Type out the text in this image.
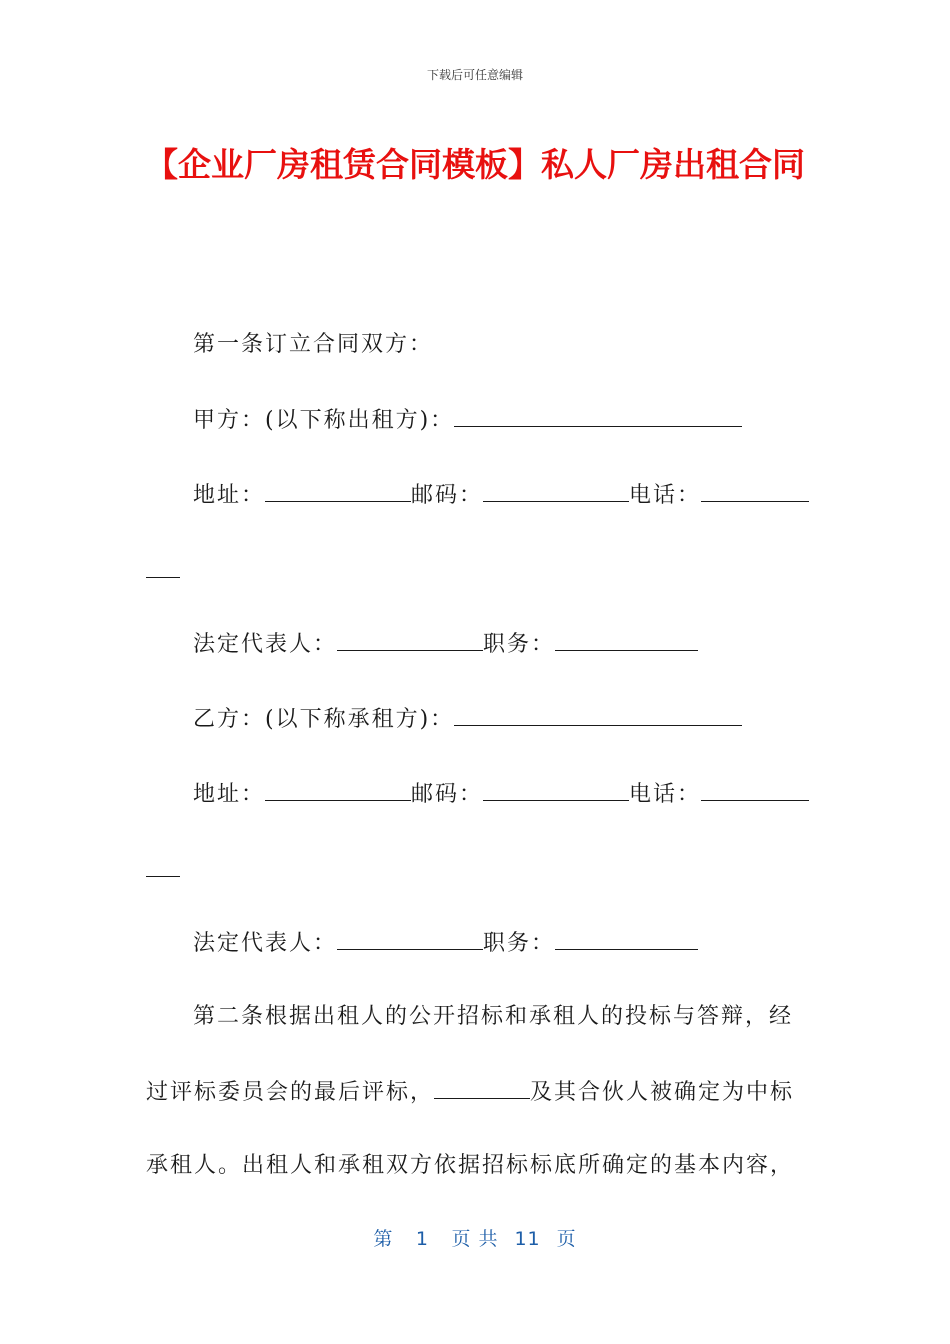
下载后可任意编辑
【企业厂房租赁合同模板】私人厂房出租合同
第一条订立合同双方：
甲方：(以下称出租方)：
地址：	邮码：	电话：
法定代表人：	职务：
乙方：(以下称承租方)：
地址：	邮码：	电话：
法定代表人：	职务：
第二条根据出租人的公开招标和承租人的投标与答辩，经
过评标委员会的最后评标，	及其合伙人被确定为中标
承租人。出租人和承租双方依据招标标底所确定的基本内容，
第 1 页 共 11 页
